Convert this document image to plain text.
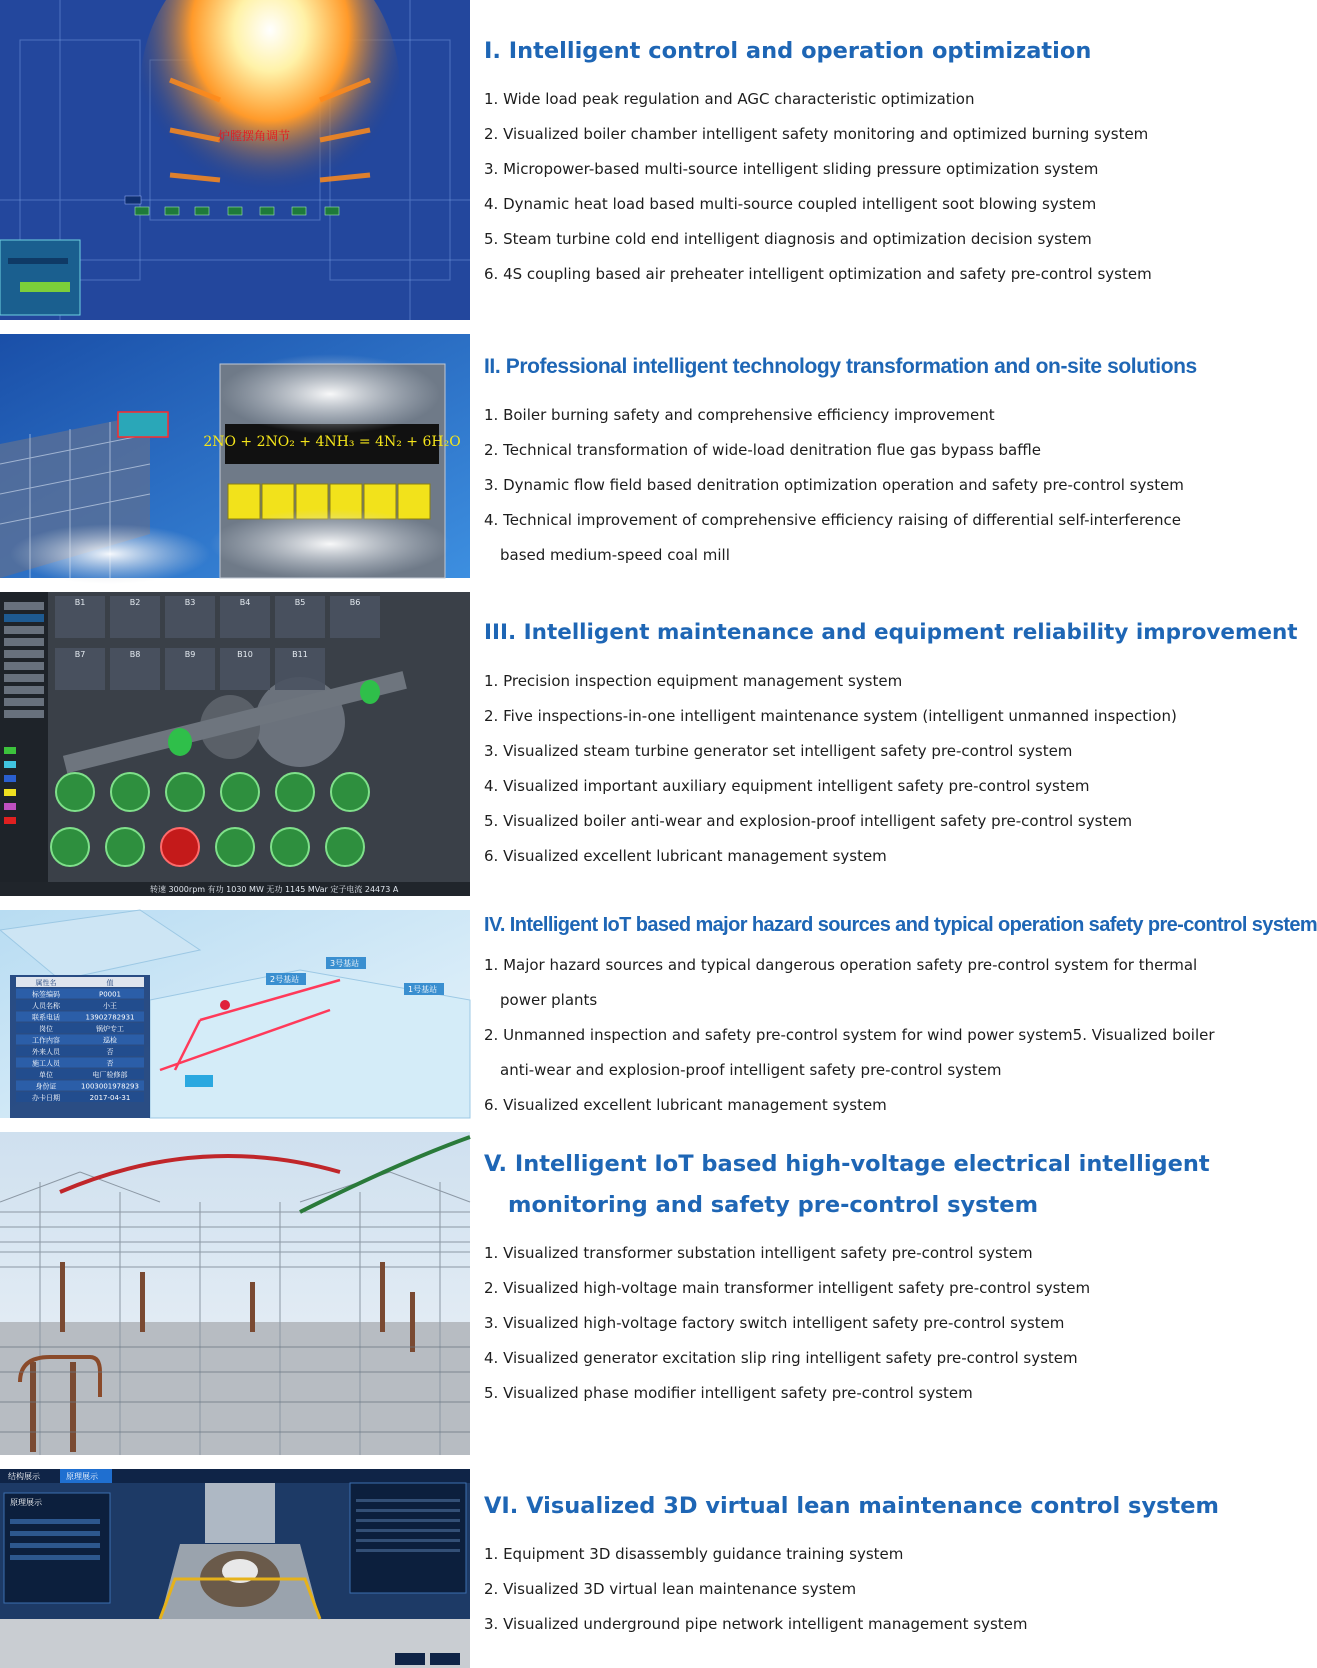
炉膛摆角调节
I. Intelligent control and operation optimization
1. Wide load peak regulation and AGC characteristic optimization
2. Visualized boiler chamber intelligent safety monitoring and optimized burning system
3. Micropower-based multi-source intelligent sliding pressure optimization system
4. Dynamic heat load based multi-source coupled intelligent soot blowing system
5. Steam turbine cold end intelligent diagnosis and optimization decision system
6. 4S coupling based air preheater intelligent optimization and safety pre-control system
2NO + 2NO₂ + 4NH₃ = 4N₂ + 6H₂O
II. Professional intelligent technology transformation and on-site solutions
1. Boiler burning safety and comprehensive efficiency improvement
2. Technical transformation of wide-load denitration flue gas bypass baffle
3. Dynamic flow field based denitration optimization operation and safety pre-control system
4. Technical improvement of comprehensive efficiency raising of differential self-interference
based medium-speed coal mill
B1	B2	B3	B4	B5	B6
B7	B8	B9	B10	B11
转速 3000rpm 有功 1030 MW 无功 1145 MVar 定子电流 24473 A
III. Intelligent maintenance and equipment reliability improvement
1. Precision inspection equipment management system
2. Five inspections-in-one intelligent maintenance system (intelligent unmanned inspection)
3. Visualized steam turbine generator set intelligent safety pre-control system
4. Visualized important auxiliary equipment intelligent safety pre-control system
5. Visualized boiler anti-wear and explosion-proof intelligent safety pre-control system
6. Visualized excellent lubricant management system
属性名	值
标签编码	P0001
人员名称	小王
联系电话	13902782931
岗位	锅炉专工
工作内容	巡检
外来人员	否
施工人员	否
单位	电厂检修部
身份证	1003001978293
办卡日期	2017-04-31
2号基站
3号基站
1号基站
IV. Intelligent IoT based major hazard sources and typical operation safety pre-control system
1. Major hazard sources and typical dangerous operation safety pre-control system for thermal
power plants
2. Unmanned inspection and safety pre-control system for wind power system5. Visualized boiler
anti-wear and explosion-proof intelligent safety pre-control system
6. Visualized excellent lubricant management system
V. Intelligent IoT based high-voltage electrical intelligent
monitoring and safety pre-control system
1. Visualized transformer substation intelligent safety pre-control system
2. Visualized high-voltage main transformer intelligent safety pre-control system
3. Visualized high-voltage factory switch intelligent safety pre-control system
4. Visualized generator excitation slip ring intelligent safety pre-control system
5. Visualized phase modifier intelligent safety pre-control system
结构展示	原理展示
原理展示	VI. Visualized 3D virtual lean maintenance control system
1. Equipment 3D disassembly guidance training system
2. Visualized 3D virtual lean maintenance system
3. Visualized underground pipe network intelligent management system
